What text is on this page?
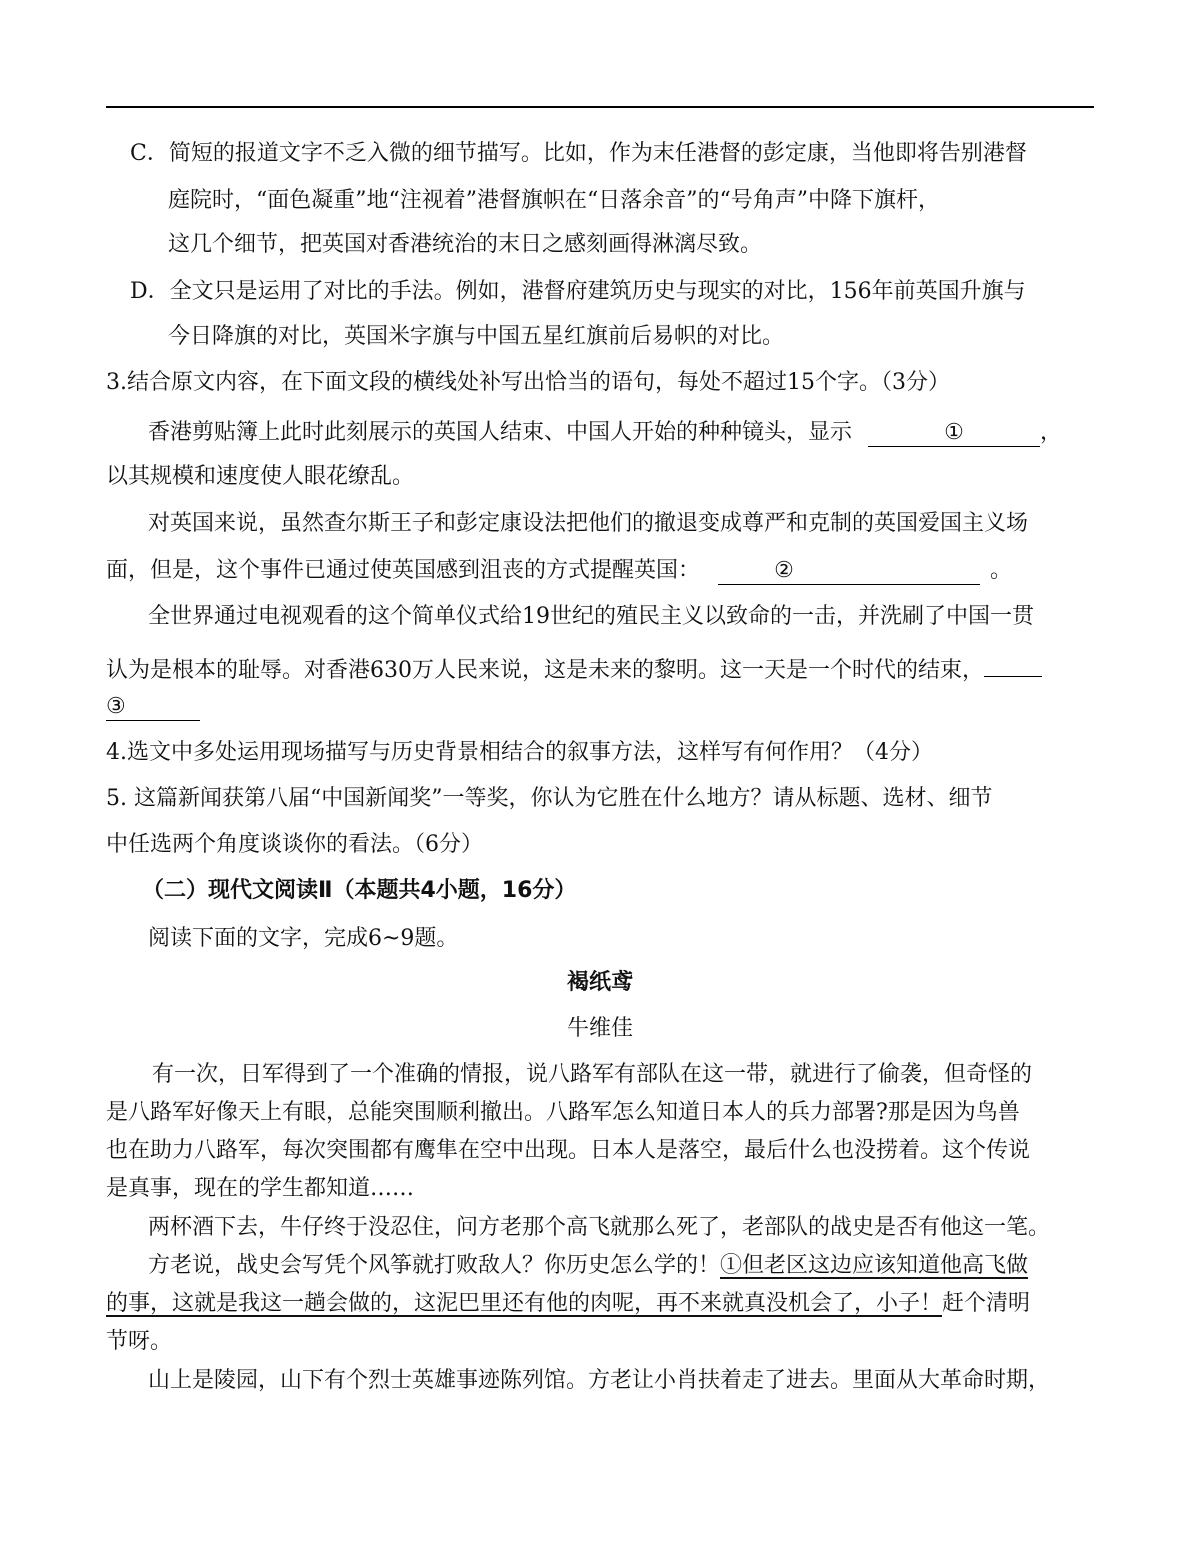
C．简短的报道文字不乏入微的细节描写。比如，作为末任港督的彭定康，当他即将告别港督
庭院时，“面色凝重”地“注视着”港督旗帜在“日落余音”的“号角声”中降下旗杆，
这几个细节，把英国对香港统治的末日之感刻画得淋漓尽致。
D．全文只是运用了对比的手法。例如，港督府建筑历史与现实的对比，156年前英国升旗与
今日降旗的对比，英国米字旗与中国五星红旗前后易帜的对比。
3.结合原文内容，在下面文段的横线处补写出恰当的语句，每处不超过15个字。（3分）
香港剪贴簿上此时此刻展示的英国人结束、中国人开始的种种镜头，显示	①	，
以其规模和速度使人眼花缭乱。
对英国来说，虽然查尔斯王子和彭定康设法把他们的撤退变成尊严和克制的英国爱国主义场
面，但是，这个事件已通过使英国感到沮丧的方式提醒英国：	②	。
全世界通过电视观看的这个简单仪式给19世纪的殖民主义以致命的一击，并洗刷了中国一贯
认为是根本的耻辱。对香港630万人民来说，这是未来的黎明。这一天是一个时代的结束，
③
4.选文中多处运用现场描写与历史背景相结合的叙事方法，这样写有何作用？（4分）
5. 这篇新闻获第八届“中国新闻奖”一等奖，你认为它胜在什么地方？请从标题、选材、细节
中任选两个角度谈谈你的看法。（6分）
（二）现代文阅读Ⅱ（本题共4小题，16分）
阅读下面的文字，完成6~9题。
褐纸鸢
牛维佳
有一次，日军得到了一个准确的情报，说八路军有部队在这一带，就进行了偷袭，但奇怪的
是八路军好像天上有眼，总能突围顺利撤出。八路军怎么知道日本人的兵力部署?那是因为鸟兽
也在助力八路军，每次突围都有鹰隼在空中出现。日本人是落空，最后什么也没捞着。这个传说
是真事，现在的学生都知道……
两杯酒下去，牛仔终于没忍住，问方老那个高飞就那么死了，老部队的战史是否有他这一笔。
方老说，战史会写凭个风筝就打败敌人？你历史怎么学的！①但老区这边应该知道他高飞做
的事，这就是我这一趟会做的，这泥巴里还有他的肉呢，再不来就真没机会了，小子！赶个清明
节呀。
山上是陵园，山下有个烈士英雄事迹陈列馆。方老让小肖扶着走了进去。里面从大革命时期，
